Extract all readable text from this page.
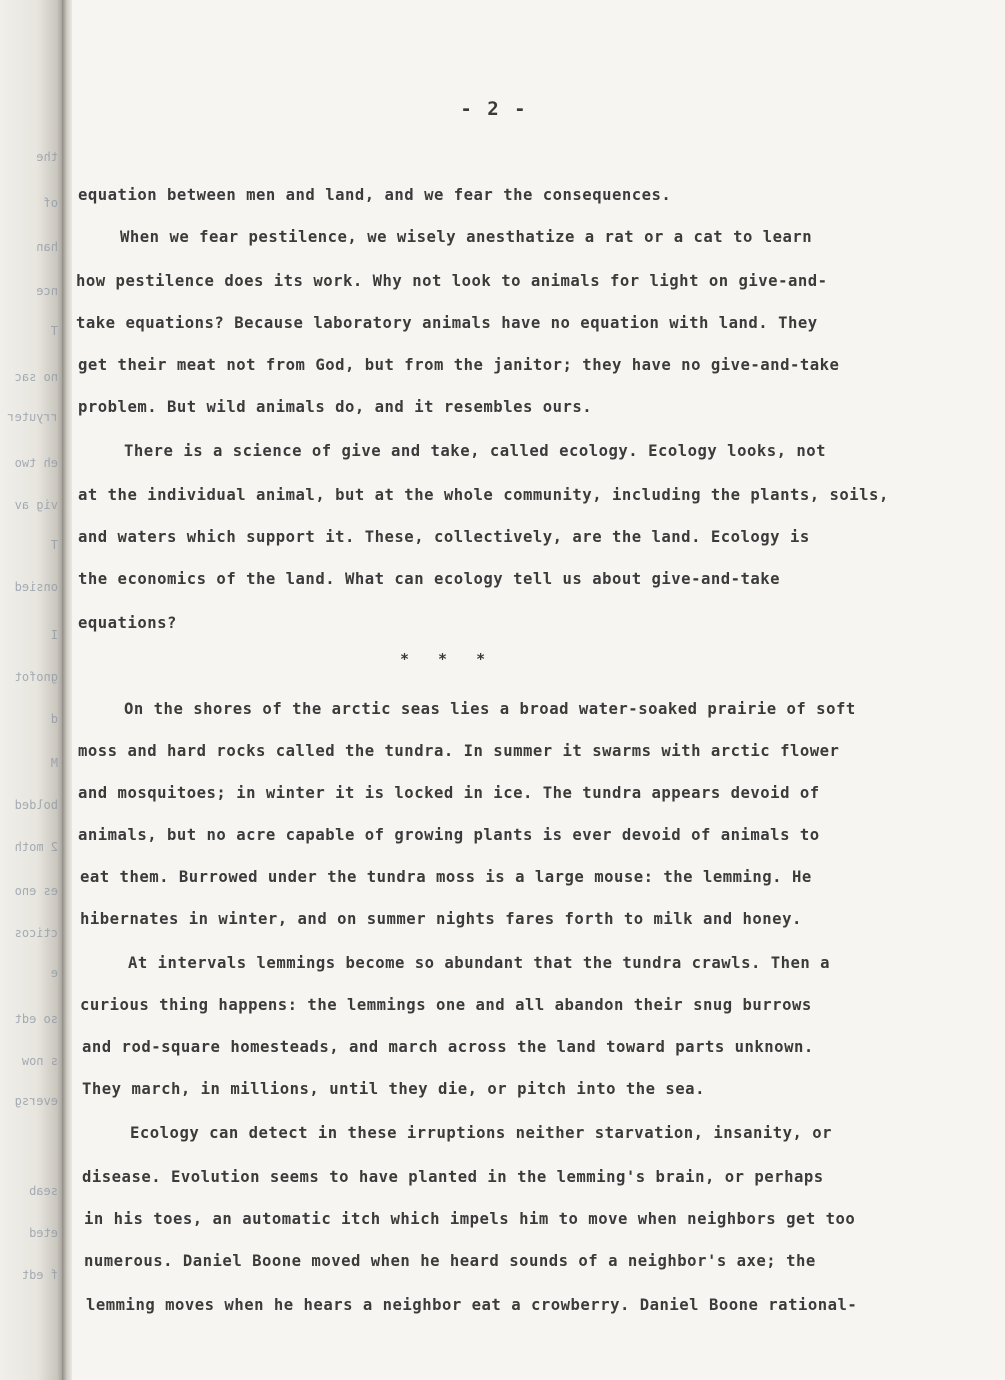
the
of
han
nce
T
no sac
rryuter
eh two
vig av
T
onsied
I
gnofot
d
M
bolded
2 moth
es eno
cticos
e
so edt
s now
eversg
seab
eted
f edt
- 2 -
equation between men and land, and we fear the consequences.
When we fear pestilence, we wisely anesthatize a rat or a cat to learn
how pestilence does its work. Why not look to animals for light on give-and-
take equations? Because laboratory animals have no equation with land. They
get their meat not from God, but from the janitor; they have no give-and-take
problem. But wild animals do, and it resembles ours.
There is a science of give and take, called ecology. Ecology looks, not
at the individual animal, but at the whole community, including the plants, soils,
and waters which support it. These, collectively, are the land. Ecology is
the economics of the land. What can ecology tell us about give-and-take
equations?
* * *
On the shores of the arctic seas lies a broad water-soaked prairie of soft
moss and hard rocks called the tundra. In summer it swarms with arctic flower
and mosquitoes; in winter it is locked in ice. The tundra appears devoid of
animals, but no acre capable of growing plants is ever devoid of animals to
eat them. Burrowed under the tundra moss is a large mouse: the lemming. He
hibernates in winter, and on summer nights fares forth to milk and honey.
At intervals lemmings become so abundant that the tundra crawls. Then a
curious thing happens: the lemmings one and all abandon their snug burrows
and rod-square homesteads, and march across the land toward parts unknown.
They march, in millions, until they die, or pitch into the sea.
Ecology can detect in these irruptions neither starvation, insanity, or
disease. Evolution seems to have planted in the lemming's brain, or perhaps
in his toes, an automatic itch which impels him to move when neighbors get too
numerous. Daniel Boone moved when he heard sounds of a neighbor's axe; the
lemming moves when he hears a neighbor eat a crowberry. Daniel Boone rational-
